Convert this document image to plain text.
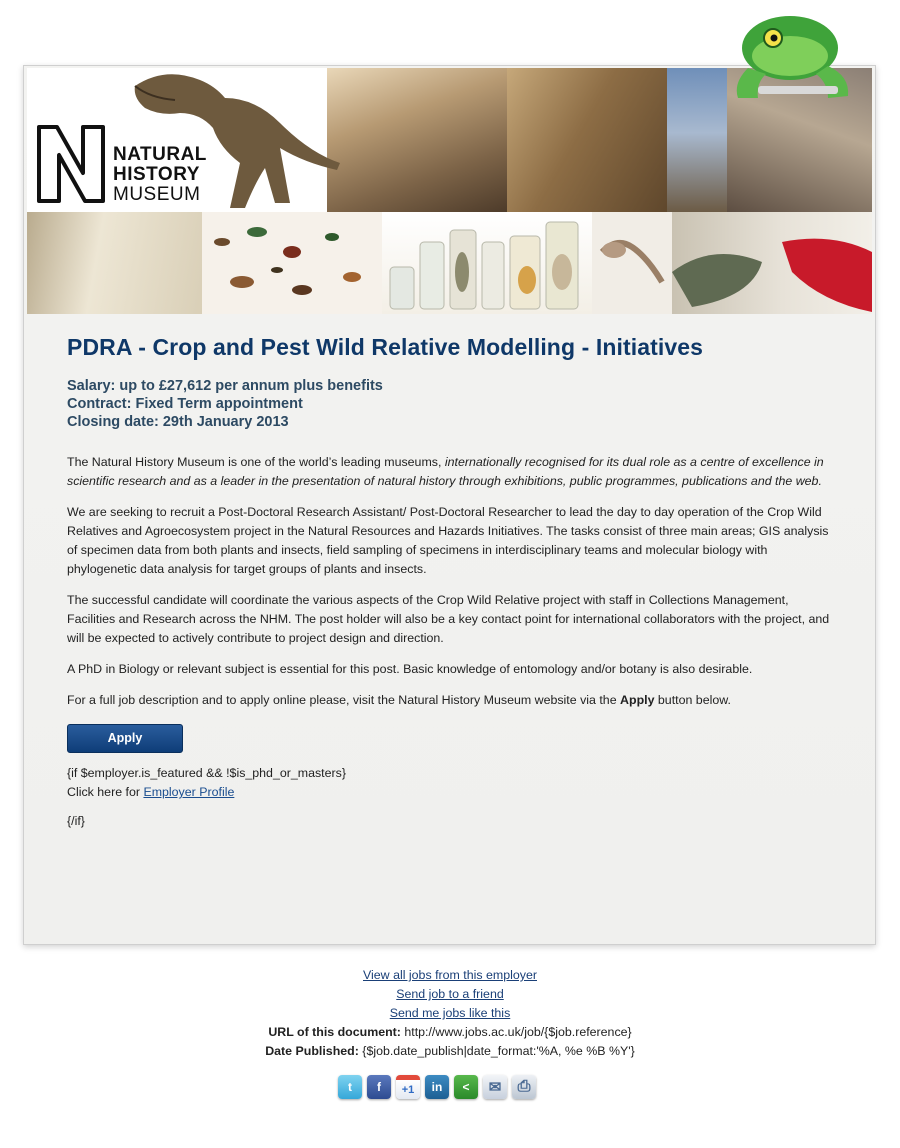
NATURAL
HISTORY
MUSEUM
PDRA - Crop and Pest Wild Relative Modelling - Initiatives
Salary: up to £27,612 per annum plus benefits
Contract: Fixed Term appointment
Closing date: 29th January 2013

The Natural History Museum is one of the world’s leading museums, internationally recognised for its dual role as a centre of excellence in scientific research and as a leader in the presentation of natural history through exhibitions, public programmes, publications and the web.

We are seeking to recruit a Post-Doctoral Research Assistant/ Post-Doctoral Researcher to lead the day to day operation of the Crop Wild Relatives and Agroecosystem project in the Natural Resources and Hazards Initiatives. The tasks consist of three main areas; GIS analysis of specimen data from both plants and insects, field sampling of specimens in interdisciplinary teams and molecular biology with phylogenetic data analysis for target groups of plants and insects.

The successful candidate will coordinate the various aspects of the Crop Wild Relative project with staff in Collections Management, Facilities and Research across the NHM. The post holder will also be a key contact point for international collaborators with the project, and will be expected to actively contribute to project design and direction.

A PhD in Biology or relevant subject is essential for this post. Basic knowledge of entomology and/or botany is also desirable.

For a full job description and to apply online please, visit the Natural History Museum website via the Apply button below.

Apply
{if $employer.is_featured && !$is_phd_or_masters}
Click here for Employer Profile
{/if}
View all jobs from this employer
Send job to a friend
Send me jobs like this
URL of this document: http://www.jobs.ac.uk/job/{$job.reference}
Date Published: {$job.date_publish|date_format:'%A, %e %B %Y'}
t	f	+1	in	<	✉	⎙
